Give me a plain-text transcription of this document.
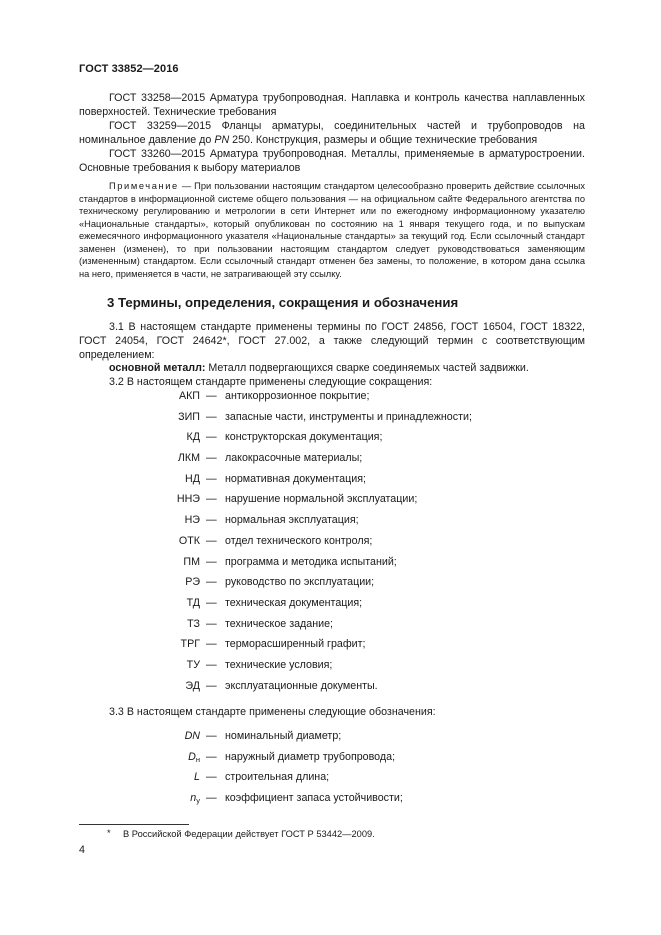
ГОСТ 33852—2016

ГОСТ 33258—2015 Арматура трубопроводная. Наплавка и контроль качества наплавленных поверхностей. Технические требования

ГОСТ 33259—2015 Фланцы арматуры, соединительных частей и трубопроводов на номинальное давление до PN 250. Конструкция, размеры и общие технические требования

ГОСТ 33260—2015 Арматура трубопроводная. Металлы, применяемые в арматуростроении. Основные требования к выбору материалов

Примечание — При пользовании настоящим стандартом целесообразно проверить действие ссылочных стандартов в информационной системе общего пользования — на официальном сайте Федерального агентства по техническому регулированию и метрологии в сети Интернет или по ежегодному информационному указателю «Национальные стандарты», который опубликован по состоянию на 1 января текущего года, и по выпускам ежемесячного информационного указателя «Национальные стандарты» за текущий год. Если ссылочный стандарт заменен (изменен), то при пользовании настоящим стандартом следует руководствоваться заменяющим (измененным) стандартом. Если ссылочный стандарт отменен без замены, то положение, в котором дана ссылка на него, применяется в части, не затрагивающей эту ссылку.
3 Термины, определения, сокращения и обозначения

3.1 В настоящем стандарте применены термины по ГОСТ 24856, ГОСТ 16504, ГОСТ 18322, ГОСТ 24054, ГОСТ 24642*, ГОСТ 27.002, а также следующий термин с соответствующим определением:

основной металл: Металл подвергающихся сварке соединяемых частей задвижки.

3.2 В настоящем стандарте применены следующие сокращения:

АКП — антикоррозионное покрытие;
ЗИП — запасные части, инструменты и принадлежности;
КД — конструкторская документация;
ЛКМ — лакокрасочные материалы;
НД — нормативная документация;
ННЭ — нарушение нормальной эксплуатации;
НЭ — нормальная эксплуатация;
ОТК — отдел технического контроля;
ПМ — программа и методика испытаний;
РЭ — руководство по эксплуатации;
ТД — техническая документация;
ТЗ — техническое задание;
ТРГ — терморасширенный графит;
ТУ — технические условия;
ЭД — эксплуатационные документы.
3.3 В настоящем стандарте применены следующие обозначения:
DN — номинальный диаметр;
$D_н$ — наружный диаметр трубопровода;
L — строительная длина;
$n_у$ — коэффициент запаса устойчивости;
* В Российской Федерации действует ГОСТ Р 53442—2009.
4
